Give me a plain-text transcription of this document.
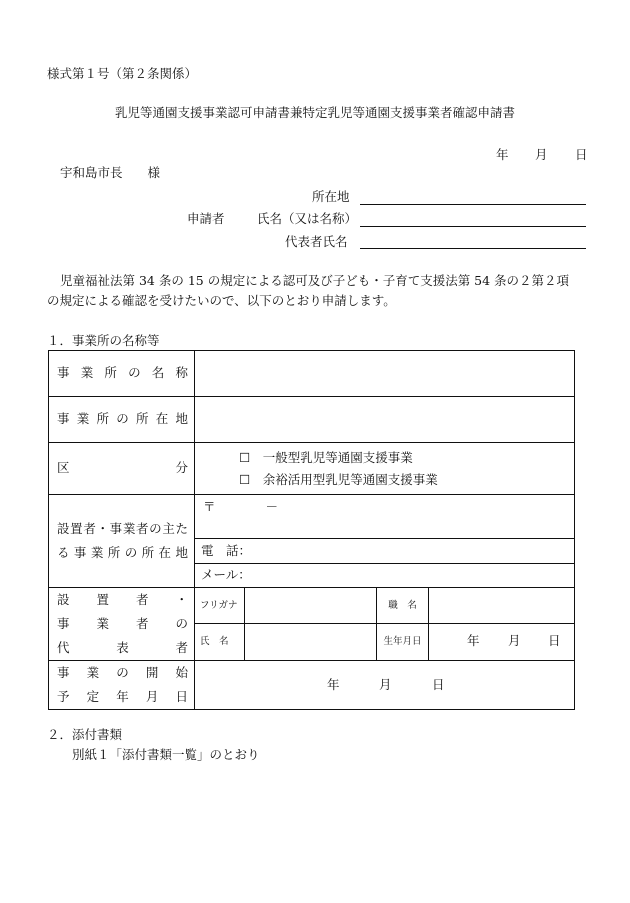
様式第１号（第２条関係）
乳児等通園支援事業認可申請書兼特定乳児等通園支援事業者確認申請書
年 月 日
宇和島市長　　様
所在地
申請者	氏名（又は名称）
代表者氏名
児童福祉法第 34 条の 15 の規定による認可及び子ども・子育て支援法第 54 条の２第２項
の規定による確認を受けたいので、以下のとおり申請します。
１．事業所の名称等
事業所の名称				

事業所の所在地				

区分	☐　 一般型乳児等通園支援事業
☐　 余裕活用型乳児等通園支援事業			

設置者・事業者の主た
る事業所の所在地	〒 －			
	電　話：			
	メール：			

設置者・
事業者の
代表者	フリガナ		職　名	
	氏　名		生年月日	年 月 日

事業の開始
予定年月日	年 月 日			
２．添付書類
別紙１「添付書類一覧」のとおり
